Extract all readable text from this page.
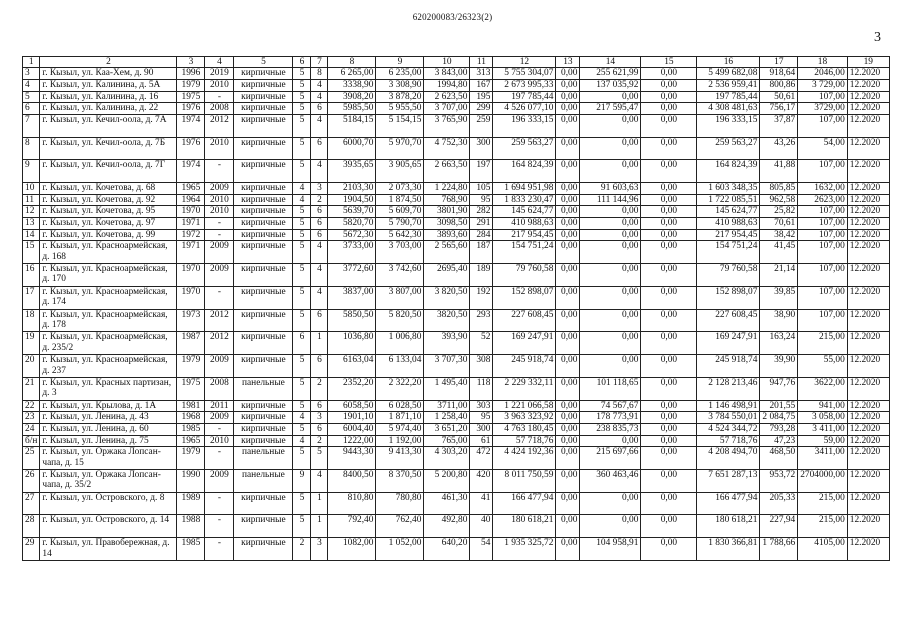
620200083/26323(2)
3
1	2	3	4	5	6	7	8	9	10	11	12	13	14	15	16	17	18	19
3	г. Кызыл, ул. Каа-Хем, д. 90	1996	2019	кирпичные	5	8	6 265,00	6 235,00	3 843,00	313	5 755 304,07	0,00	255 621,99	0,00	5 499 682,08	918,64	2046,00	12.2020
4	г. Кызыл, ул. Калинина, д. 5А	1979	2010	кирпичные	5	4	3338,90	3 308,90	1994,80	167	2 673 995,33	0,00	137 035,92	0,00	2 536 959,41	800,86	3 729,00	12.2020
5	г. Кызыл, ул. Калинина, д. 16	1975	-	кирпичные	5	4	3908,20	3 878,20	2 623,50	195	197 785,44	0,00	0,00	0,00	197 785,44	50,61	107,00	12.2020
6	г. Кызыл, ул. Калинина, д. 22	1976	2008	кирпичные	5	6	5985,50	5 955,50	3 707,00	299	4 526 077,10	0,00	217 595,47	0,00	4 308 481,63	756,17	3729,00	12.2020
7	г. Кызыл, ул. Кечил-оола, д. 7А	1974	2012	кирпичные	5	4	5184,15	5 154,15	3 765,90	259	196 333,15	0,00	0,00	0,00	196 333,15	37,87	107,00	12.2020
8	г. Кызыл, ул. Кечил-оола, д. 7Б	1976	2010	кирпичные	5	6	6000,70	5 970,70	4 752,30	300	259 563,27	0,00	0,00	0,00	259 563,27	43,26	54,00	12.2020
9	г. Кызыл, ул. Кечил-оола, д. 7Г	1974	-	кирпичные	5	4	3935,65	3 905,65	2 663,50	197	164 824,39	0,00	0,00	0,00	164 824,39	41,88	107,00	12.2020
10	г. Кызыл, ул. Кочетова, д. 68	1965	2009	кирпичные	4	3	2103,30	2 073,30	1 224,80	105	1 694 951,98	0,00	91 603,63	0,00	1 603 348,35	805,85	1632,00	12.2020
11	г. Кызыл, ул. Кочетова, д. 92	1964	2010	кирпичные	4	2	1904,50	1 874,50	768,90	95	1 833 230,47	0,00	111 144,96	0,00	1 722 085,51	962,58	2623,00	12.2020
12	г. Кызыл, ул. Кочетова, д. 95	1970	2010	кирпичные	5	6	5639,70	5 609,70	3801,90	282	145 624,77	0,00	0,00	0,00	145 624,77	25,82	107,00	12.2020
13	г. Кызыл, ул. Кочетова, д. 97	1971	-	кирпичные	5	6	5820,70	5 790,70	3098,50	291	410 988,63	0,00	0,00	0,00	410 988,63	70,61	107,00	12.2020
14	г. Кызыл, ул. Кочетова, д. 99	1972	-	кирпичные	5	6	5672,30	5 642,30	3893,60	284	217 954,45	0,00	0,00	0,00	217 954,45	38,42	107,00	12.2020
15	г. Кызыл, ул. Красноармейская, д. 168	1971	2009	кирпичные	5	4	3733,00	3 703,00	2 565,60	187	154 751,24	0,00	0,00	0,00	154 751,24	41,45	107,00	12.2020
16	г. Кызыл, ул. Красноармейская, д. 170	1970	2009	кирпичные	5	4	3772,60	3 742,60	2695,40	189	79 760,58	0,00	0,00	0,00	79 760,58	21,14	107,00	12.2020
17	г. Кызыл, ул. Красноармейская, д. 174	1970	-	кирпичные	5	4	3837,00	3 807,00	3 820,50	192	152 898,07	0,00	0,00	0,00	152 898,07	39,85	107,00	12.2020
18	г. Кызыл, ул. Красноармейская, д. 178	1973	2012	кирпичные	5	6	5850,50	5 820,50	3820,50	293	227 608,45	0,00	0,00	0,00	227 608,45	38,90	107,00	12.2020
19	г. Кызыл, ул. Красноармейская, д. 235/2	1987	2012	кирпичные	6	1	1036,80	1 006,80	393,90	52	169 247,91	0,00	0,00	0,00	169 247,91	163,24	215,00	12.2020
20	г. Кызыл, ул. Красноармейская, д. 237	1979	2009	кирпичные	5	6	6163,04	6 133,04	3 707,30	308	245 918,74	0,00	0,00	0,00	245 918,74	39,90	55,00	12.2020
21	г. Кызыл, ул. Красных партизан, д. 3	1975	2008	панельные	5	2	2352,20	2 322,20	1 495,40	118	2 229 332,11	0,00	101 118,65	0,00	2 128 213,46	947,76	3622,00	12.2020
22	г. Кызыл, ул. Крылова, д. 1А	1981	2011	кирпичные	5	6	6058,50	6 028,50	3711,00	303	1 221 066,58	0,00	74 567,67	0,00	1 146 498,91	201,55	941,00	12.2020
23	г. Кызыл, ул. Ленина, д. 43	1968	2009	кирпичные	4	3	1901,10	1 871,10	1 258,40	95	3 963 323,92	0,00	178 773,91	0,00	3 784 550,01	2 084,75	3 058,00	12.2020
24	г. Кызыл, ул. Ленина, д. 60	1985	-	кирпичные	5	6	6004,40	5 974,40	3 651,20	300	4 763 180,45	0,00	238 835,73	0,00	4 524 344,72	793,28	3 411,00	12.2020
б/н	г. Кызыл, ул. Ленина, д. 75	1965	2010	кирпичные	4	2	1222,00	1 192,00	765,00	61	57 718,76	0,00	0,00	0,00	57 718,76	47,23	59,00	12.2020
25	г. Кызыл, ул. Оржака Лопсан-чапа, д. 15	1979	-	панельные	5	5	9443,30	9 413,30	4 303,20	472	4 424 192,36	0,00	215 697,66	0,00	4 208 494,70	468,50	3411,00	12.2020
26	г. Кызыл, ул. Оржака Лопсан-чапа, д. 35/2	1990	2009	панельные	9	4	8400,50	8 370,50	5 200,80	420	8 011 750,59	0,00	360 463,46	0,00	7 651 287,13	953,72	2704000,00	12.2020
27	г. Кызыл, ул. Островского, д. 8	1989	-	кирпичные	5	1	810,80	780,80	461,30	41	166 477,94	0,00	0,00	0,00	166 477,94	205,33	215,00	12.2020
28	г. Кызыл, ул. Островского, д. 14	1988	-	кирпичные	5	1	792,40	762,40	492,80	40	180 618,21	0,00	0,00	0,00	180 618,21	227,94	215,00	12.2020
29	г. Кызыл, ул. Правобережная, д. 14	1985	-	кирпичные	2	3	1082,00	1 052,00	640,20	54	1 935 325,72	0,00	104 958,91	0,00	1 830 366,81	1 788,66	4105,00	12.2020
